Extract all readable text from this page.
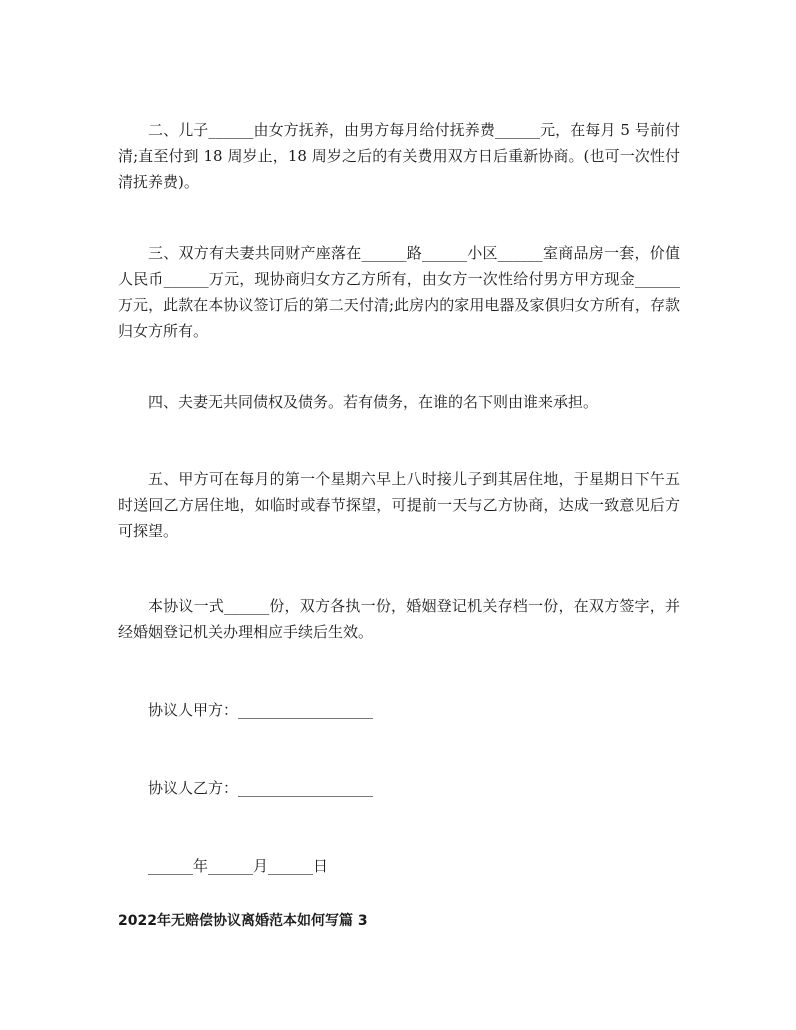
二、儿子______由女方抚养，由男方每月给付抚养费______元，在每月 5 号前付清;直至付到 18 周岁止，18 周岁之后的有关费用双方日后重新协商。(也可一次性付清抚养费)。

三、双方有夫妻共同财产座落在______路______小区______室商品房一套，价值人民币______万元，现协商归女方乙方所有，由女方一次性给付男方甲方现金______万元，此款在本协议签订后的第二天付清;此房内的家用电器及家俱归女方所有，存款归女方所有。

四、夫妻无共同债权及债务。若有债务，在谁的名下则由谁来承担。

五、甲方可在每月的第一个星期六早上八时接儿子到其居住地，于星期日下午五时送回乙方居住地，如临时或春节探望，可提前一天与乙方协商，达成一致意见后方可探望。

本协议一式______份，双方各执一份，婚姻登记机关存档一份，在双方签字，并经婚姻登记机关办理相应手续后生效。

协议人甲方：__________________

协议人乙方：__________________

______年______月______日

2022年无赔偿协议离婚范本如何写篇 3
